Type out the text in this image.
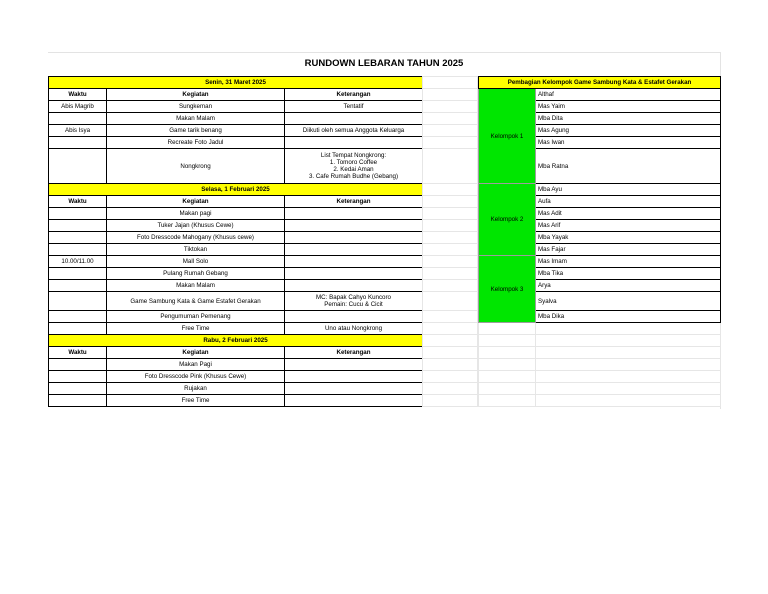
RUNDOWN LEBARAN TAHUN 2025
Senin, 31 Maret 2025		
Waktu	Kegiatan	Keterangan
Abis Magrib	Sungkeman	Tentatif
	Makan Malam	
Abis Isya	Game tarik benang	Diikuti oleh semua Anggota Keluarga
	Recreate Foto Jadul	
	Nongkrong	List Tempat Nongkrong:
1. Tomoro Coffee
2. Kedai Aman
3. Cafe Rumah Budhe (Gebang)
Selasa, 1 Februari 2025		
Waktu	Kegiatan	Keterangan
	Makan pagi	
	Tuker Jajan (Khusus Cewe)	
	Foto Dresscode Mahogany (Khusus cewe)	
	Tiktokan	
10.00/11.00	Mall Solo	
	Pulang Rumah Gebang	
	Makan Malam	
	Game Sambung Kata & Game Estafet Gerakan	MC: Bapak Cahyo Kuncoro
Pemain: Cucu & Cicit
	Pengumuman Pemenang	
	Free Time	Uno atau Nongkrong
Rabu, 2 Februari 2025		
Waktu	Kegiatan	Keterangan
	Makan Pagi	
	Foto Dresscode Pink (Khusus Cewe)	
	Rujakan	
	Free Time	

Pembagian Kelompok Game Sambung Kata & Estafet Gerakan	
Kelompok 1	Althaf
	Mas Yaim
	Mba Dita
	Mas Agung
	Mas Iwan
	Mba Ratna
Kelompok 2	Mba Ayu
	Aufa
	Mas Adit
	Mas Arif
	Mba Yayak
	Mas Fajar
Kelompok 3	Mas Imam
	Mba Tika
	Arya
	Syalva
	Mba Dika
